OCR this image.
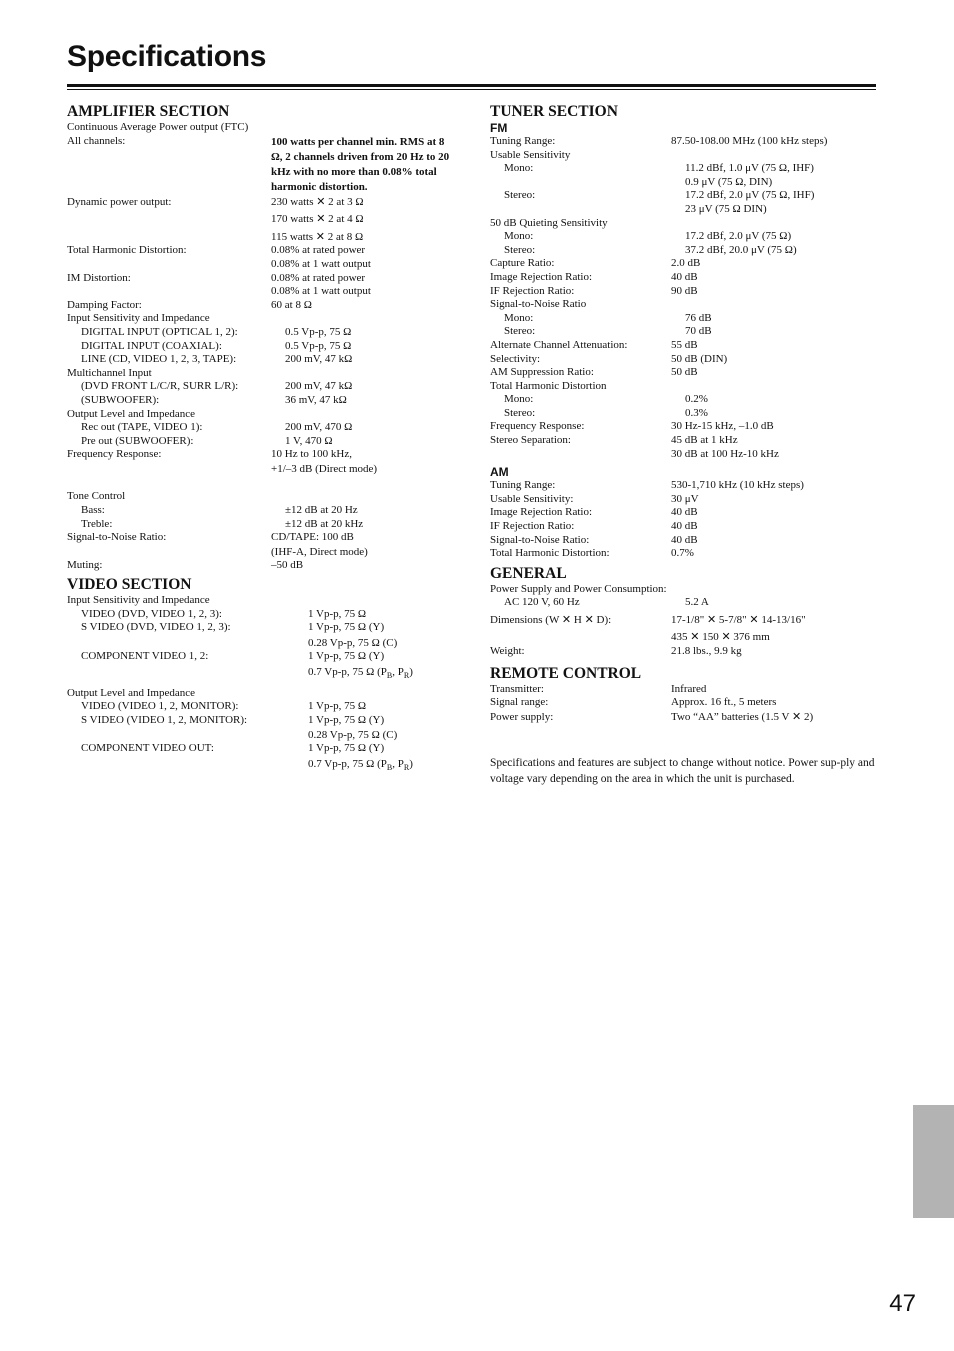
Specifications
AMPLIFIER SECTION
Continuous Average Power output (FTC)
All channels:	100 watts per channel min. RMS at 8 Ω, 2 channels driven from 20 Hz to 20 kHz with no more than 0.08% total harmonic distortion.
Dynamic power output:	230 watts ✕ 2 at 3 Ω
170 watts ✕ 2 at 4 Ω
115 watts ✕ 2 at 8 Ω
Total Harmonic Distortion:	0.08% at rated power
0.08% at 1 watt output
IM Distortion:	0.08% at rated power
0.08% at 1 watt output
Damping Factor:	60 at 8 Ω
Input Sensitivity and Impedance
DIGITAL INPUT (OPTICAL 1, 2):	0.5 Vp-p, 75 Ω
DIGITAL INPUT (COAXIAL):	0.5 Vp-p, 75 Ω
LINE (CD, VIDEO 1, 2, 3, TAPE):	200 mV, 47 kΩ
Multichannel Input
(DVD FRONT L/C/R, SURR L/R):	200 mV, 47 kΩ
(SUBWOOFER):	36 mV, 47 kΩ
Output Level and Impedance
Rec out (TAPE, VIDEO 1):	200 mV, 470 Ω
Pre out (SUBWOOFER):	1 V, 470 Ω
Frequency Response:	10 Hz to 100 kHz,
+1/–3 dB (Direct mode)
Tone Control
Bass:	±12 dB at 20 Hz
Treble:	±12 dB at 20 kHz
Signal-to-Noise Ratio:	CD/TAPE: 100 dB
(IHF-A, Direct mode)
Muting:	–50 dB
VIDEO SECTION
Input Sensitivity and Impedance
VIDEO (DVD, VIDEO 1, 2, 3):	1 Vp-p, 75 Ω
S VIDEO (DVD, VIDEO 1, 2, 3):	1 Vp-p, 75 Ω (Y)
0.28 Vp-p, 75 Ω (C)
COMPONENT VIDEO 1, 2:	1 Vp-p, 75 Ω (Y)
0.7 Vp-p, 75 Ω ($P_B$, $P_R$)
Output Level and Impedance
VIDEO (VIDEO 1, 2, MONITOR):	1 Vp-p, 75 Ω
S VIDEO (VIDEO 1, 2, MONITOR):	1 Vp-p, 75 Ω (Y)
0.28 Vp-p, 75 Ω (C)
COMPONENT VIDEO OUT:	1 Vp-p, 75 Ω (Y)
0.7 Vp-p, 75 Ω ($P_B$, $P_R$)
TUNER SECTION
FM
Tuning Range:	87.50-108.00 MHz (100 kHz steps)
Usable Sensitivity
Mono:	11.2 dBf, 1.0 μV (75 Ω, IHF)
0.9 μV (75 Ω, DIN)
Stereo:	17.2 dBf, 2.0 μV (75 Ω, IHF)
23 μV (75 Ω DIN)
50 dB Quieting Sensitivity
Mono:	17.2 dBf, 2.0 μV (75 Ω)
Stereo:	37.2 dBf, 20.0 μV (75 Ω)
Capture Ratio:	2.0 dB
Image Rejection Ratio:	40 dB
IF Rejection Ratio:	90 dB
Signal-to-Noise Ratio
Mono:	76 dB
Stereo:	70 dB
Alternate Channel Attenuation:	55 dB
Selectivity:	50 dB (DIN)
AM Suppression Ratio:	50 dB
Total Harmonic Distortion
Mono:	0.2%
Stereo:	0.3%
Frequency Response:	30 Hz-15 kHz, –1.0 dB
Stereo Separation:	45 dB at 1 kHz
30 dB at 100 Hz-10 kHz
AM
Tuning Range:	530-1,710 kHz (10 kHz steps)
Usable Sensitivity:	30 μV
Image Rejection Ratio:	40 dB
IF Rejection Ratio:	40 dB
Signal-to-Noise Ratio:	40 dB
Total Harmonic Distortion:	0.7%
GENERAL
Power Supply and Power Consumption:
AC 120 V, 60 Hz	5.2 A
Dimensions (W ✕ H ✕ D):	17-1/8" ✕ 5-7/8" ✕ 14-13/16"
435 ✕ 150 ✕ 376 mm
Weight:	21.8 lbs., 9.9 kg
REMOTE CONTROL
Transmitter:	Infrared
Signal range:	Approx. 16 ft., 5 meters
Power supply:	Two “AA” batteries (1.5 V ✕ 2)
Specifications and features are subject to change without notice. Power sup-ply and voltage vary depending on the area in which the unit is purchased.
47
